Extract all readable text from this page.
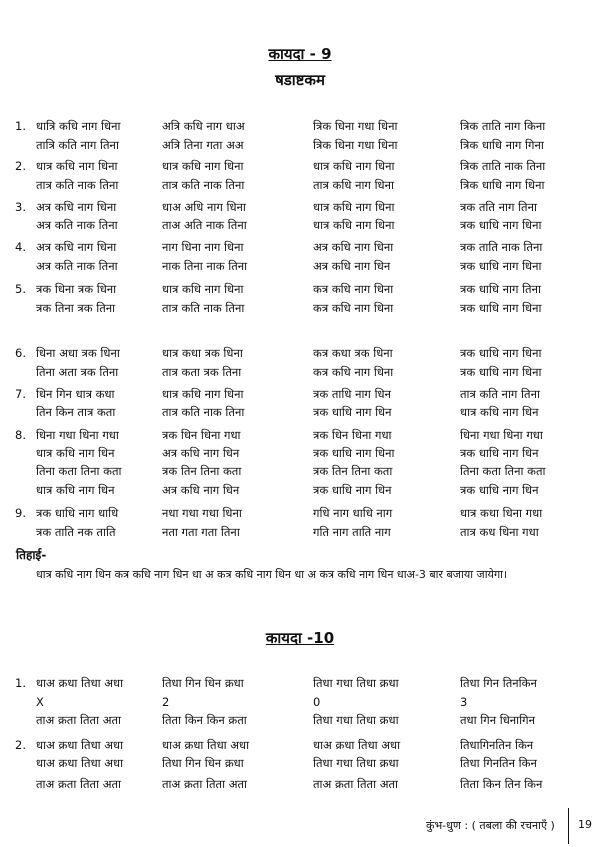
कायदा - 9
षडाष्टकम
1. धात्रि कधि नाग धिना	अत्रि कधि नाग धाअ	त्रिक धिना गधा धिना	त्रिक ताति नाग किना
तात्रि कति नाग तिना	अत्रि तिना गता अअ	त्रिक धिना गधा धिना	त्रिक धाधि नाग गिना
2. धात्र कधि नाग धिना	धात्र कधि नाग धिना	धात्र कधि नाग धिना	त्रिक ताति नाक तिना
तात्र कति नाक तिना	तात्र कति नाक तिना	तात्र कधि नाग धिना	त्रिक धाधि नाग धिना
3. अत्र कधि नाग धिना	धाअ अधि नाग धिना	धात्र कधि नाग धिना	त्रक तति नाग तिना
अत्र कति नाक तिना	ताअ अति नाक तिना	धात्र कधि नाग धिना	त्रक धाधि नाग धिना
4. अत्र कधि नाग धिना	नाग धिना नाग धिना	अत्र कधि नाग धिना	त्रक ताति नाक तिना
अत्र कति नाक तिना	नाक तिना नाक तिना	अत्र कधि नाग धिन	त्रक धाधि नाग धिना
5. त्रक धिना त्रक धिना	धात्र कधि नाग धिना	कत्र कधि नाग धिना	त्रक धाधि नाग तिना
त्रक तिना त्रक तिना	तात्र कति नाक तिना	कत्र कधि नाग धिना	त्रक धाधि नाग धिना
6. धिना अधा त्रक धिना	धात्र कधा त्रक धिना	कत्र कधा त्रक धिना	त्रक धाधि नाग धिना
तिना अता त्रक तिना	तात्र कता त्रक तिना	कत्र कधि नाग धिना	त्रक धाधि नाग धिना
7. धिन गिन धात्र कधा	धात्र कधि नाग धिना	त्रक ताधि नाग धिन	तात्र कति नाग तिना
तिन किन तात्र कता	तात्र कति नाक तिना	त्रक धाधि नाग धिन	धात्र कधि नाग धिन
8. धिना गधा धिना गधा	त्रक धिन धिना गधा	त्रक धिन धिना गधा	धिना गधा धिना गधा
धात्र कधि नाग धिन	अत्र कधि नाग धिन	त्रक धाधि नाग धिना	त्रक धाधि नाग धिन
तिना कता तिना कता	त्रक तिन तिना कता	त्रक तिन तिना कता	तिना कता तिना कता
धात्र कधि नाग धिन	अत्र कधि नाग धिन	त्रक धाधि नाग धिन	त्रक धाधि नाग धिन
9. त्रक धाधि नाग धाधि	नधा गधा गधा धिना	गधि नाग धाधि नाग	धात्र कधा धिना गधा
त्रक ताति नक ताति	नता गता गता तिना	गति नाग ताति नाग	तात्र कध धिना गधा
तिहाई-
धात्र कधि नाग धिन कत्र कधि नाग धिन धा अ कत्र कधि नाग धिन धा अ कत्र कधि नाग धिन धाअ-3 बार बजाया जायेगा।
कायदा -10
1. धाअ क्रधा तिधा अधा	तिधा गिन धिन क्रधा	तिधा गधा तिधा क्रधा	तिधा गिन तिनकिन
X	2	0	3
ताअ क्रता तिता अता	तिता किन किन क्रता	तिधा गधा तिधा क्रधा	तधा गिन धिनागिन
2. धाअ क्रधा तिधा अधा	धाअ क्रधा तिधा अधा	धाअ क्रधा तिधा अधा	तिधागिनतिन किन
धाअ क्रधा तिधा अधा	तिधा गिन धिन क्रधा	तिधा गधा तिधा क्रधा	तिधा गिनतिन किन
ताअ क्रता तिता अता	ताअ क्रता तिता अता	ताअ क्रता तिता अता	तिता किन तिन किन
कुंभ-धुण : ( तबला की रचनाएँ ) 19
